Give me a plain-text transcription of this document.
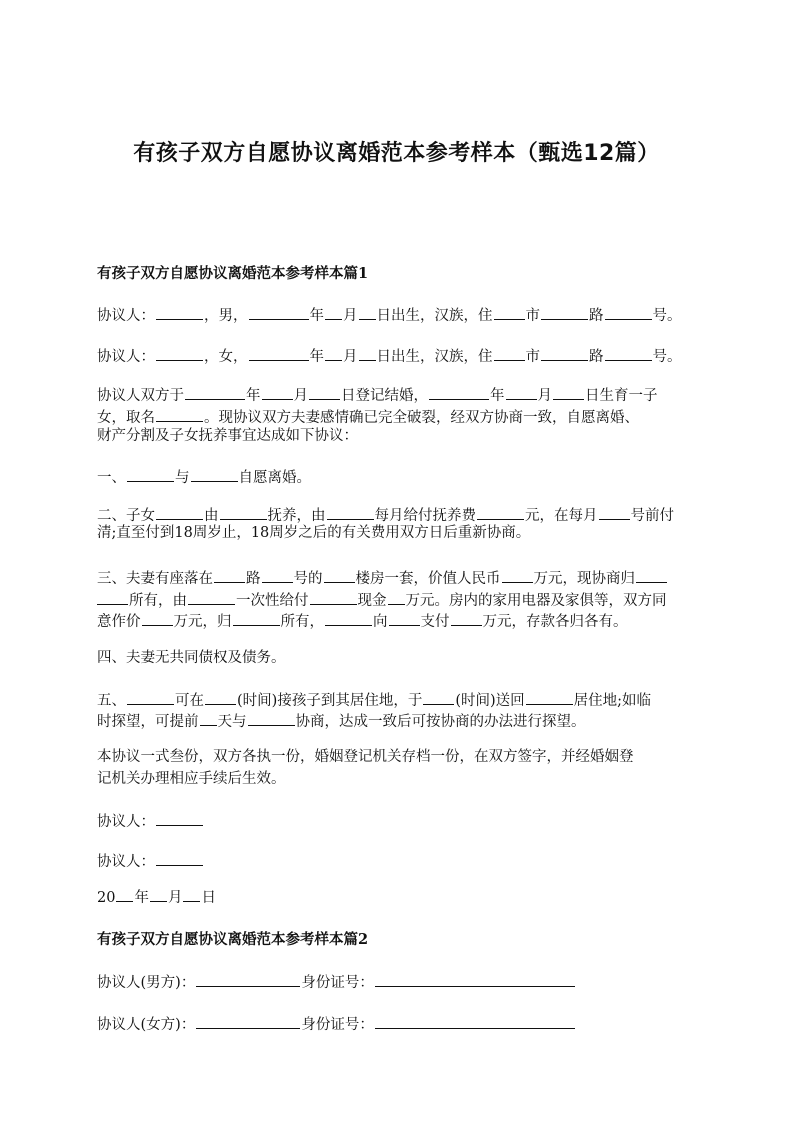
有孩子双方自愿协议离婚范本参考样本（甄选12篇）

有孩子双方自愿协议离婚范本参考样本篇1

协议人：	，男，	年 月 日出生，汉族，住 市	路	号。

协议人：	，女，	年 月 日出生，汉族，住 市	路	号。

协议人双方于	年 月 日登记结婚，	年 月 日生育一子

女，取名	。现协议双方夫妻感情确已完全破裂，经双方协商一致，自愿离婚、

财产分割及子女抚养事宜达成如下协议：

一、	与	自愿离婚。

二、子女	由	抚养，由	每月给付抚养费	元，在每月 号前付

清;直至付到18周岁止，18周岁之后的有关费用双方日后重新协商。

三、夫妻有座落在 路 号的 楼房一套，价值人民币 万元，现协商归

所有，由	一次性给付	现金 万元。房内的家用电器及家俱等，双方同

意作价 万元，归	所有，	向 支付 万元，存款各归各有。

四、夫妻无共同债权及债务。

五、	可在 (时间)接孩子到其居住地，于 (时间)送回	居住地;如临

时探望，可提前 天与	协商，达成一致后可按协商的办法进行探望。

本协议一式叁份，双方各执一份，婚姻登记机关存档一份，在双方签字，并经婚姻登

记机关办理相应手续后生效。

协议人：

协议人：

20 年 月 日

有孩子双方自愿协议离婚范本参考样本篇2

协议人(男方)：	身份证号：

协议人(女方)：	身份证号：
